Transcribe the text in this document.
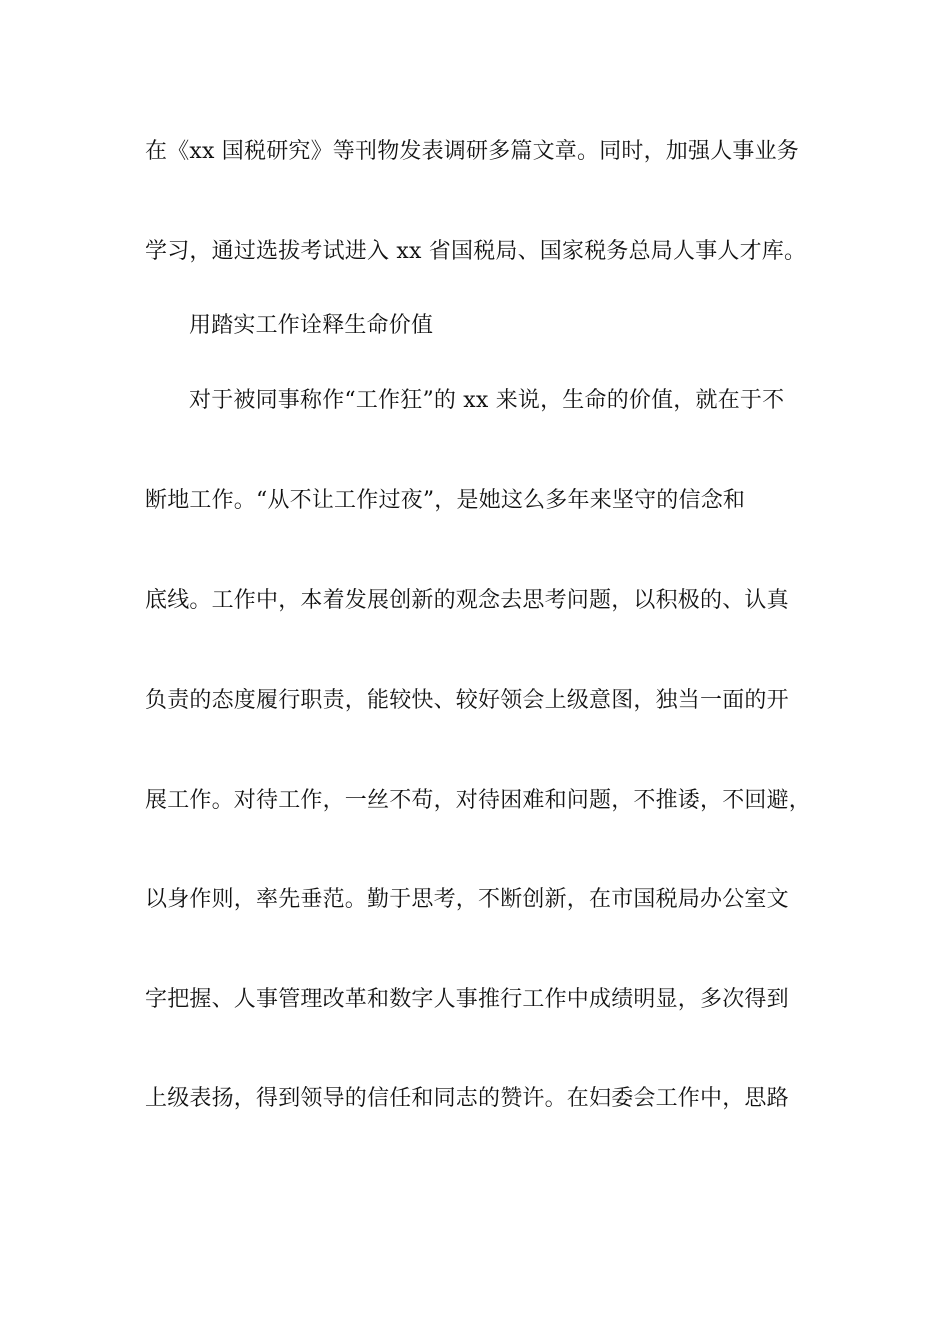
在《xx 国税研究》等刊物发表调研多篇文章。同时，加强人事业务
学习，通过选拔考试进入 xx 省国税局、国家税务总局人事人才库。
用踏实工作诠释生命价值
对于被同事称作“工作狂”的 xx 来说，生命的价值，就在于不
断地工作。“从不让工作过夜”，是她这么多年来坚守的信念和
底线。工作中，本着发展创新的观念去思考问题，以积极的、认真
负责的态度履行职责，能较快、较好领会上级意图，独当一面的开
展工作。对待工作，一丝不苟，对待困难和问题，不推诿，不回避，
以身作则，率先垂范。勤于思考，不断创新，在市国税局办公室文
字把握、人事管理改革和数字人事推行工作中成绩明显，多次得到
上级表扬，得到领导的信任和同志的赞许。在妇委会工作中，思路
